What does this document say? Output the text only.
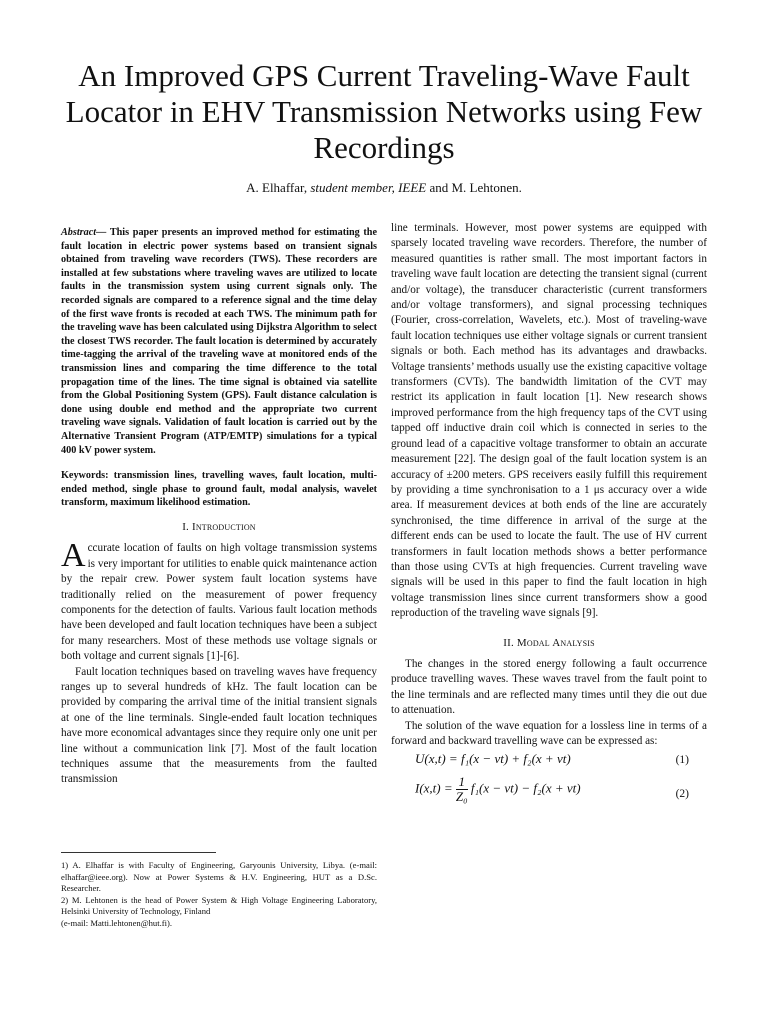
An Improved GPS Current Traveling-Wave Fault Locator in EHV Transmission Networks using Few Recordings
A. Elhaffar, student member, IEEE and M. Lehtonen.

Abstract— This paper presents an improved method for estimating the fault location in electric power systems based on transient signals obtained from traveling wave recorders (TWS). These recorders are installed at few substations where traveling waves are utilized to locate faults in the transmission system using current signals only. The recorded signals are compared to a reference signal and the time delay of the first wave fronts is recoded at each TWS. The minimum path for the traveling wave has been calculated using Dijkstra Algorithm to select the closest TWS recorder. The fault location is determined by accurately time-tagging the arrival of the traveling wave at monitored ends of the transmission lines and comparing the time difference to the total propagation time of the lines. The time signal is obtained via satellite from the Global Positioning System (GPS). Fault distance calculation is done using double end method and the appropriate two current traveling wave signals. Validation of fault location is carried out by the Alternative Transient Program (ATP/EMTP) simulations for a typical 400 kV power system.

Keywords: transmission lines, travelling waves, fault location, multi-ended method, single phase to ground fault, modal analysis, wavelet transform, maximum likelihood estimation.

I. Introduction

Accurate location of faults on high voltage transmission systems is very important for utilities to enable quick maintenance action by the repair crew. Power system fault location systems have traditionally relied on the measurement of power frequency components for the detection of faults. Various fault location methods have been developed and fault location techniques have been a subject for many researchers. Most of these methods use voltage signals or both voltage and current signals [1]-[6].

Fault location techniques based on traveling waves have frequency ranges up to several hundreds of kHz. The fault location can be provided by comparing the arrival time of the initial transient signals at one of the line terminals. Single-ended fault location techniques have more economical advantages since they require only one unit per line without a communication link [7]. Most of the fault location techniques assume that the measurements from the faulted transmission

1) A. Elhaffar is with Faculty of Engineering, Garyounis University, Libya. (e-mail: elhaffar@ieee.org). Now at Power Systems & H.V. Engineering, HUT as a D.Sc. Researcher.

2) M. Lehtonen is the head of Power System & High Voltage Engineering Laboratory, Helsinki University of Technology, Finland

(e-mail: Matti.lehtonen@hut.fi).

line terminals. However, most power systems are equipped with sparsely located traveling wave recorders. Therefore, the number of measured quantities is rather small. The most important factors in traveling wave fault location are detecting the transient signal (current and/or voltage), the transducer characteristic (current transformers and/or voltage transformers), and signal processing techniques (Fourier, cross-correlation, Wavelets, etc.). Most of traveling-wave fault location techniques use either voltage signals or current transient signals or both. Each method has its advantages and drawbacks. Voltage transients’ methods usually use the existing capacitive voltage transformers (CVTs). The bandwidth limitation of the CVT may restrict its application in fault location [1]. New research shows improved performance from the high frequency taps of the CVT using tapped off inductive drain coil which is connected in series to the ground lead of a capacitive voltage transformer to obtain an accurate measurement [22]. The design goal of the fault location system is an accuracy of ±200 meters. GPS receivers easily fulfill this requirement by providing a time synchronisation to a 1 μs accuracy over a wide area. If measurement devices at both ends of the line are accurately synchronised, the time difference in arrival of the surge at the different ends can be used to locate the fault. The use of HV current transformers in fault location methods shows a better performance than those using CVTs at high frequencies. Current traveling wave signals will be used in this paper to find the fault location in high voltage transmission lines since current transformers show a good reproduction of the traveling wave signals [9].

II. Modal Analysis

The changes in the stored energy following a fault occurrence produce travelling waves. These waves travel from the fault point to the line terminals and are reflected many times until they die out due to attenuation.

The solution of the wave equation for a lossless line in terms of a forward and backward travelling wave can be expressed as:

U(x,t) = f₁(x − vt) + f₂(x + vt)	(1)
$I(x,t) = \frac{1}{\text{Z₀}} f_1(x - vt) - f_2(x + vt)$	(2)
